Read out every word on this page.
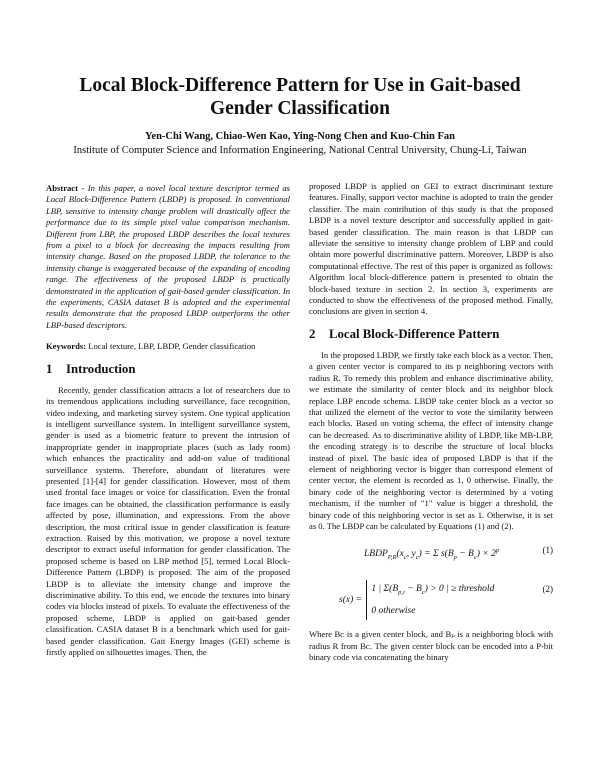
Local Block-Difference Pattern for Use in Gait-based
Gender Classification
Yen-Chi Wang, Chiao-Wen Kao, Ying-Nong Chen and Kuo-Chin Fan
Institute of Computer Science and Information Engineering, National Central University, Chung-Li, Taiwan

Abstract - In this paper, a novel local texture descriptor termed as Local Block-Difference Pattern (LBDP) is proposed. In conventional LBP, sensitive to intensity change problem will drastically affect the performance due to its simple pixel value comparison mechanism. Different from LBP, the proposed LBDP describes the local textures from a pixel to a block for decreasing the impacts resulting from intensity change. Based on the proposed LBDP, the tolerance to the intensity change is exaggerated because of the expanding of encoding range. The effectiveness of the proposed LBDP is practically demonstrated in the application of gait-based gender classification. In the experiments, CASIA dataset B is adopted and the experimental results demonstrate that the proposed LBDP outperforms the other LBP-based descriptors.

Keywords: Local texture, LBP, LBDP, Gender classification

1 Introduction

Recently, gender classification attracts a lot of researchers due to its tremendous applications including surveillance, face recognition, video indexing, and marketing survey system. One typical application is intelligent surveillance system. In intelligent surveillance system, gender is used as a biometric feature to prevent the intrusion of inappropriate gender in inappropriate places (such as lady room) which enhances the practicality and add-on value of traditional surveillance systems. Therefore, abundant of literatures were presented [1]-[4] for gender classification. However, most of them used frontal face images or voice for classification. Even the frontal face images can be obtained, the classification performance is easily affected by pose, illumination, and expressions. From the above description, the most critical issue in gender classification is feature extraction. Raised by this motivation, we propose a novel texture descriptor to extract useful information for gender classification. The proposed scheme is based on LBP method [5], termed Local Block-Difference Pattern (LBDP) is proposed. The aim of the proposed LBDP is to alleviate the intensity change and improve the discriminative ability. To this end, we encode the textures into binary codes via blocks instead of pixels. To evaluate the effectiveness of the proposed scheme, LBDP is applied on gait-based gender classification. CASIA dataset B is a benchmark which used for gait-based gender classification. Gait Energy Images (GEI) scheme is firstly applied on silhouettes images. Then, the

proposed LBDP is applied on GEI to extract discriminant texture features. Finally, support vector machine is adopted to train the gender classifier. The main contribution of this study is that the proposed LBDP is a novel texture descriptor and successfully applied in gait-based gender classification. The main reason is that LBDP can alleviate the sensitive to intensity change problem of LBP and could obtain more powerful discriminative pattern. Moreover, LBDP is also computational effective. The rest of this paper is organized as follows: Algorithm local block-difference pattern is presented to obtain the block-based texture in section 2. In section 3, experiments are conducted to show the effectiveness of the proposed method. Finally, conclusions are given in section 4.

2 Local Block-Difference Pattern

In the proposed LBDP, we firstly take each block as a vector. Then, a given center vector is compared to its p neighboring vectors with radius R. To remedy this problem and enhance discriminative ability, we estimate the similarity of center block and its neighbor block replace LBP encode schema. LBDP take center block as a vector so that utilized the element of the vector to vote the similarity between each blocks. Based on voting schema, the effect of intensity change can be decreased. As to discriminative ability of LBDP, like MB-LBP, the encoding strategy is to describe the structure of local blocks instead of pixel. The basic idea of proposed LBDP is that if the element of neighboring vector is bigger than correspond element of center vector, the element is recorded as 1, 0 otherwise. Finally, the binary code of the neighboring vector is determined by a voting mechanism, if the number of "1" value is bigger a threshold, the binary code of this neighboring vector is set as 1. Otherwise, it is set as 0. The LBDP can be calculated by Equations (1) and (2).

$LBDP_{P,R}(x_c$, $y_c) = \Sigma$ $s(B_p - B_c) \times 2^p$	(1)
s(x) =
1 | $\Sigma(B_{p,i} - B_c) > 0$ | ≥ threshold
0 otherwise
(2)

Where Bᴄ is a given center block, and Bₚ is a neighboring block with radius R from Bᴄ. The given center block can be encoded into a P-bit binary code via concatenating the binary
